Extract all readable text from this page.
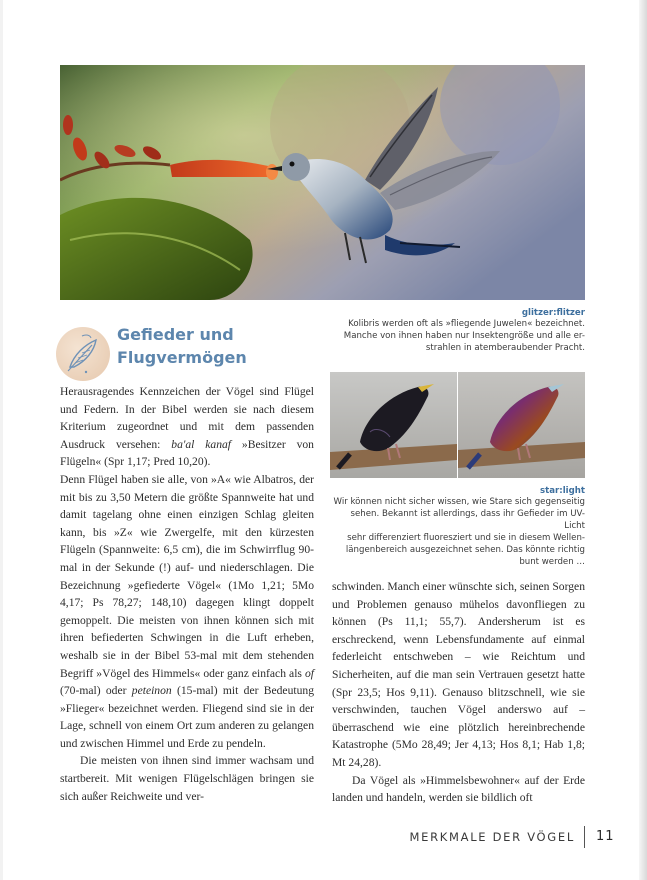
glitzer:flitzer
Kolibris werden oft als »fliegende Juwelen« bezeichnet.
Manche von ihnen haben nur Insektengröße und alle er-
strahlen in atemberaubender Pracht.
Gefieder und
Flugvermögen

Herausragendes Kennzeichen der Vögel sind Flügel und Federn. In der Bibel werden sie nach diesem Kriterium zugeordnet und mit dem passenden Ausdruck versehen: ba'al kanaf »Besitzer von Flügeln« (Spr 1,17; Pred 10,20).

Denn Flügel haben sie alle, von »A« wie Albatros, der mit bis zu 3,50 Metern die größte Spannweite hat und damit tagelang ohne einen einzigen Schlag gleiten kann, bis »Z« wie Zwergelfe, mit den kürzesten Flügeln (Spannweite: 6,5 cm), die im Schwirrflug 90-mal in der Sekunde (!) auf- und niederschlagen. Die Bezeichnung »gefiederte Vögel« (1Mo 1,21; 5Mo 4,17; Ps 78,27; 148,10) dagegen klingt doppelt gemoppelt. Die meisten von ihnen können sich mit ihren befiederten Schwingen in die Luft erheben, weshalb sie in der Bibel 53-mal mit dem stehenden Begriff »Vögel des Himmels« oder ganz einfach als of (70-mal) oder peteinon (15-mal) mit der Bedeutung »Flieger« bezeichnet werden. Fliegend sind sie in der Lage, schnell von einem Ort zum anderen zu gelangen und zwischen Himmel und Erde zu pendeln.

Die meisten von ihnen sind immer wachsam und startbereit. Mit wenigen Flügelschlägen bringen sie sich außer Reichweite und ver-

star:light
Wir können nicht sicher wissen, wie Stare sich gegenseitig
sehen. Bekannt ist allerdings, dass ihr Gefieder im UV-Licht
sehr differenziert fluoresziert und sie in diesem Wellen-
längenbereich ausgezeichnet sehen. Das könnte richtig
bunt werden …

schwinden. Manch einer wünschte sich, seinen Sorgen und Problemen genauso mühelos davonfliegen zu können (Ps 11,1; 55,7). Andersherum ist es erschreckend, wenn Lebensfundamente auf einmal federleicht entschweben – wie Reichtum und Sicherheiten, auf die man sein Vertrauen gesetzt hatte (Spr 23,5; Hos 9,11). Genauso blitzschnell, wie sie verschwinden, tauchen Vögel anderswo auf – überraschend wie eine plötzlich hereinbrechende Katastrophe (5Mo 28,49; Jer 4,13; Hos 8,1; Hab 1,8; Mt 24,28).

Da Vögel als »Himmelsbewohner« auf der Erde landen und handeln, werden sie bildlich oft

MERKMALE DER VÖGEL 11
